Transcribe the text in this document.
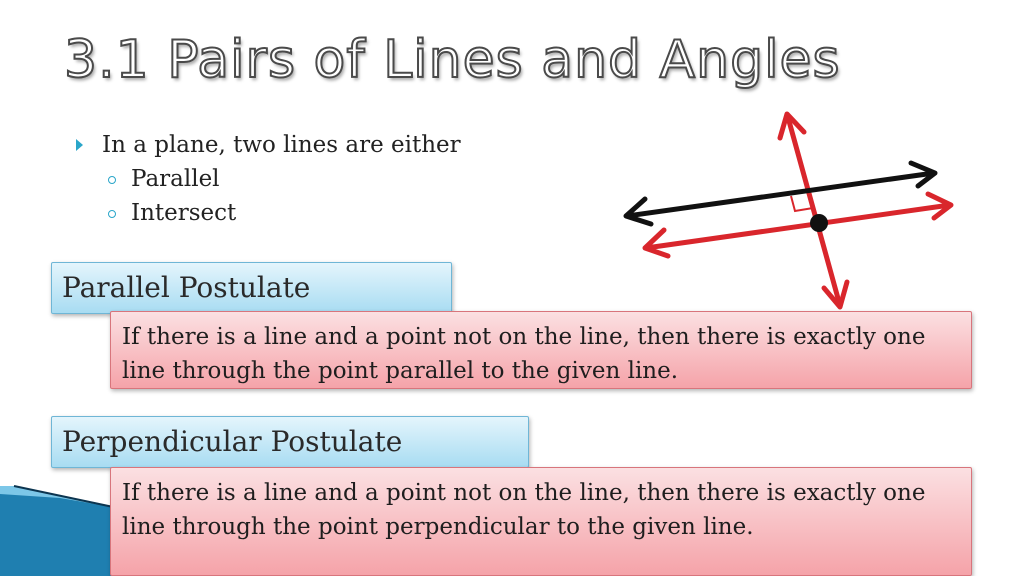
3.1 Pairs of Lines and Angles
In a plane, two lines are either
Parallel
Intersect
Parallel Postulate
If there is a line and a point not on the line, then there is exactly one line through the point parallel to the given line.
Perpendicular Postulate
If there is a line and a point not on the line, then there is exactly one line through the point perpendicular to the given line.
